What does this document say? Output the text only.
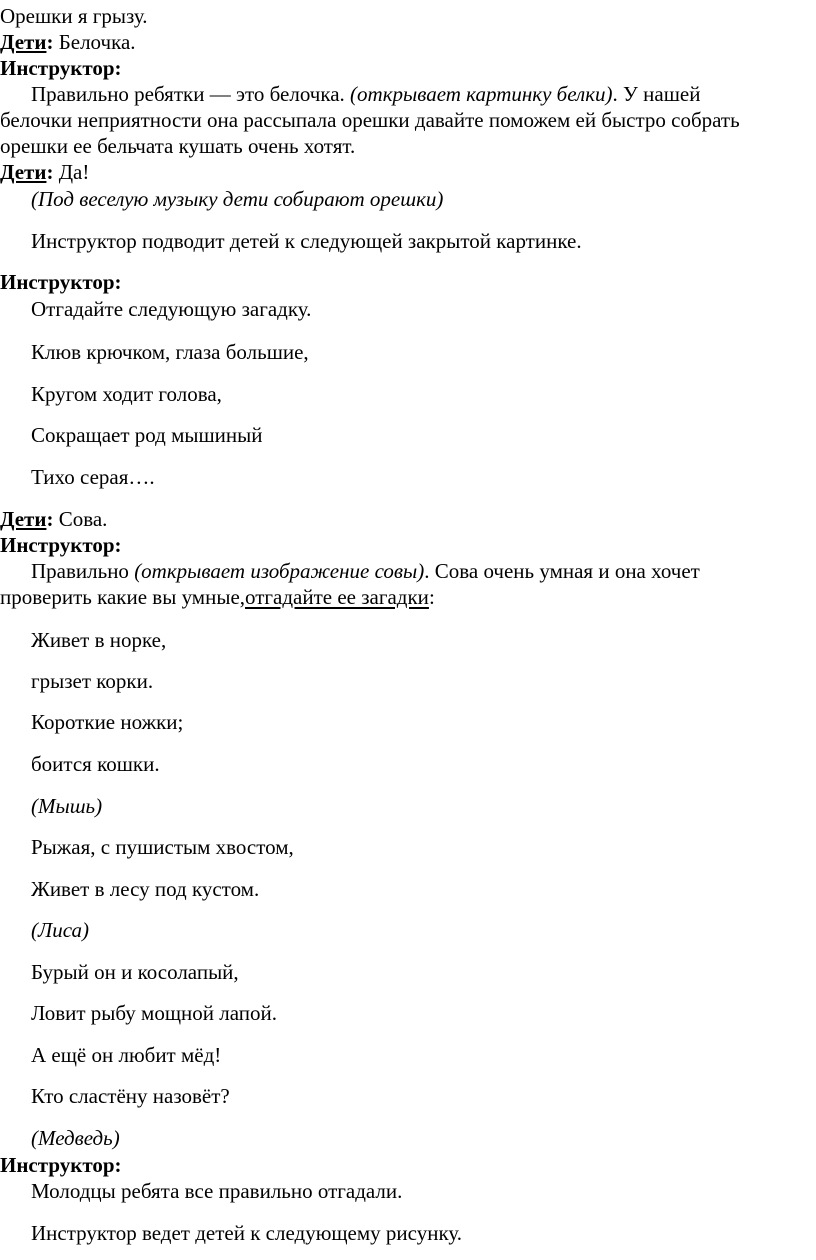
Орешки я грызу.
Дети: Белочка.
Инструктор:
Правильно ребятки — это белочка. (открывает картинку белки). У нашей
белочки неприятности она рассыпала орешки давайте поможем ей быстро собрать
орешки ее бельчата кушать очень хотят.
Дети: Да!
(Под веселую музыку дети собирают орешки)
Инструктор подводит детей к следующей закрытой картинке.
Инструктор:
Отгадайте следующую загадку.
Клюв крючком, глаза большие,
Кругом ходит голова,
Сокращает род мышиный
Тихо серая….
Дети: Сова.
Инструктор:
Правильно (открывает изображение совы). Сова очень умная и она хочет
проверить какие вы умные,отгадайте ее загадки:
Живет в норке,
грызет корки.
Короткие ножки;
боится кошки.
(Мышь)
Рыжая, с пушистым хвостом,
Живет в лесу под кустом.
(Лиса)
Бурый он и косолапый,
Ловит рыбу мощной лапой.
А ещё он любит мёд!
Кто сластёну назовёт?
(Медведь)
Инструктор:
Молодцы ребята все правильно отгадали.
Инструктор ведет детей к следующему рисунку.
